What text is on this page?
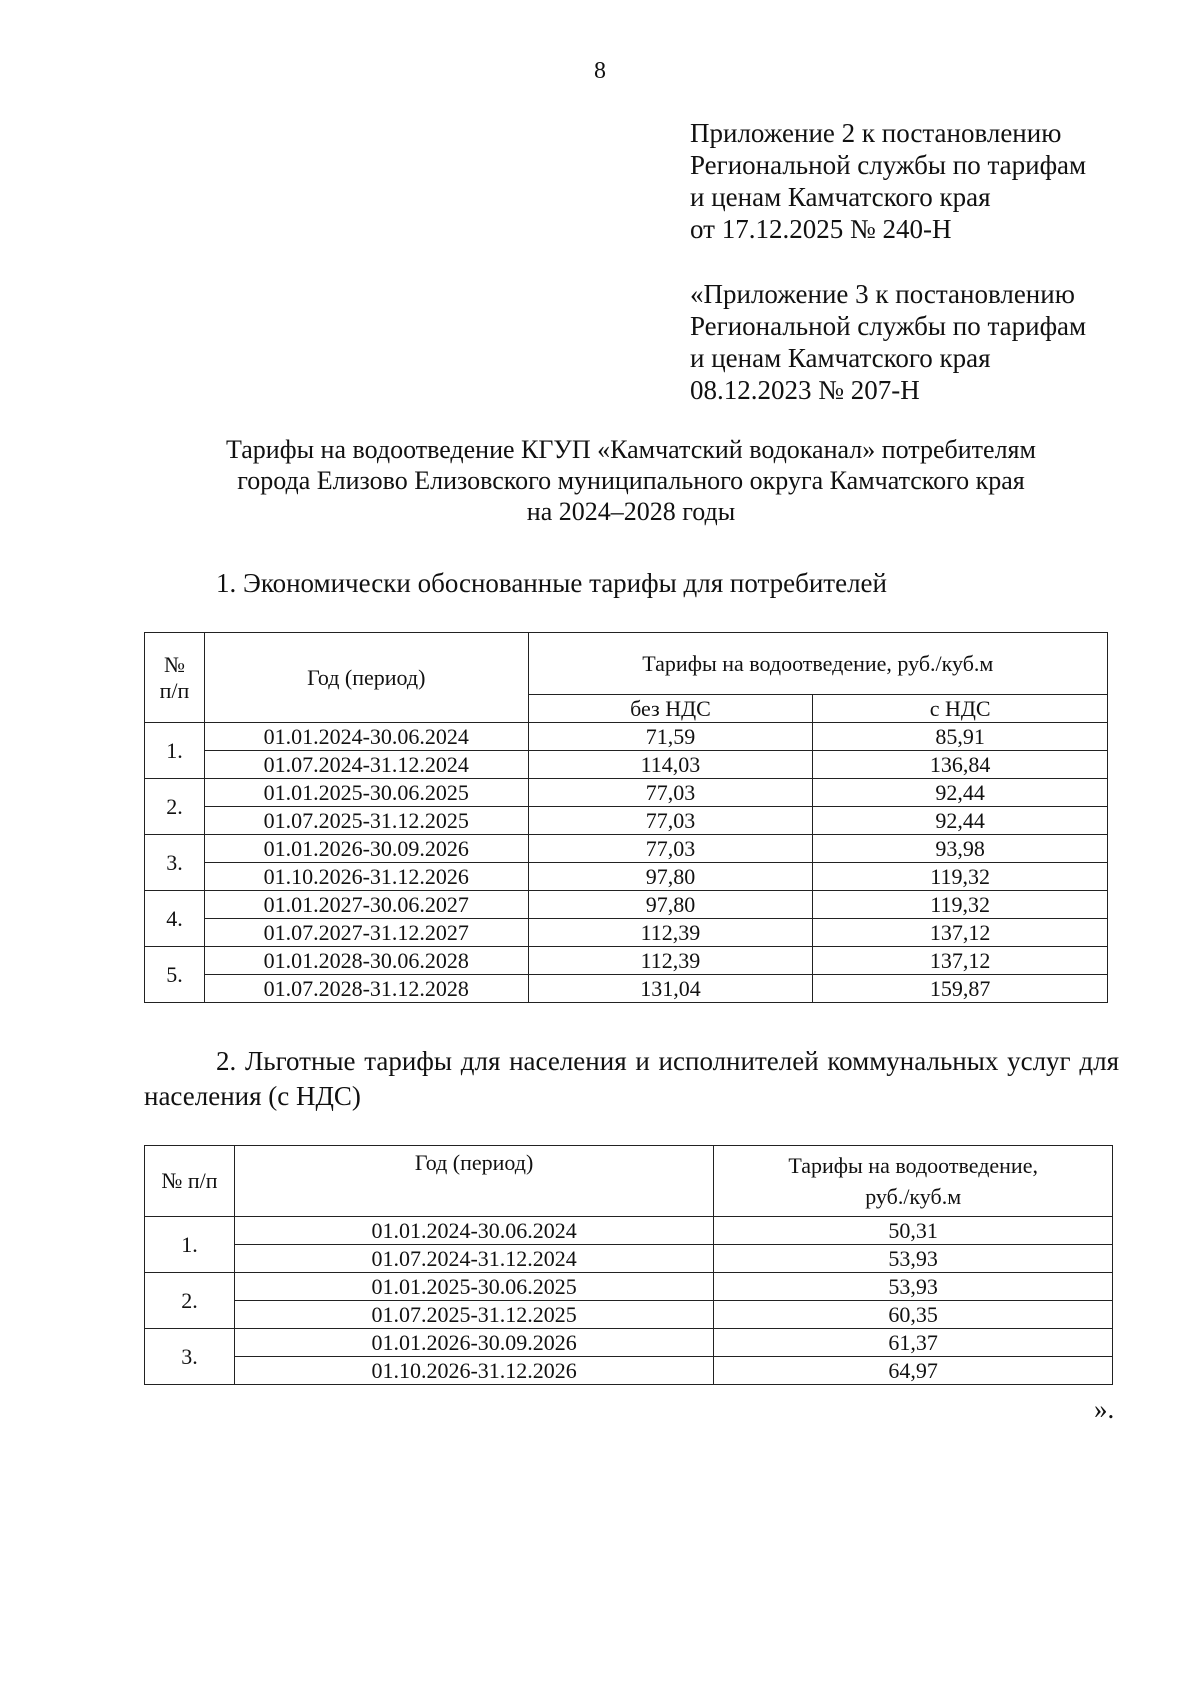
8
Приложение 2 к постановлению
Региональной службы по тарифам
и ценам Камчатского края
от 17.12.2025 № 240-Н
«Приложение 3 к постановлению
Региональной службы по тарифам
и ценам Камчатского края
08.12.2023 № 207-Н
Тарифы на водоотведение КГУП «Камчатский водоканал» потребителям
города Елизово Елизовского муниципального округа Камчатского края
на 2024–2028 годы
1. Экономически обоснованные тарифы для потребителей
№
п/п	Год (период)	Тарифы на водоотведение, руб./куб.м	
		без НДС	с НДС
1.	01.01.2024-30.06.2024	71,59	85,91
	01.07.2024-31.12.2024	114,03	136,84
2.	01.01.2025-30.06.2025	77,03	92,44
	01.07.2025-31.12.2025	77,03	92,44
3.	01.01.2026-30.09.2026	77,03	93,98
	01.10.2026-31.12.2026	97,80	119,32
4.	01.01.2027-30.06.2027	97,80	119,32
	01.07.2027-31.12.2027	112,39	137,12
5.	01.01.2028-30.06.2028	112,39	137,12
	01.07.2028-31.12.2028	131,04	159,87
2. Льготные тарифы для населения и исполнителей коммунальных услуг для населения (с НДС)
№ п/п	Год (период)	Тарифы на водоотведение,
руб./куб.м
1.	01.01.2024-30.06.2024	50,31
	01.07.2024-31.12.2024	53,93
2.	01.01.2025-30.06.2025	53,93
	01.07.2025-31.12.2025	60,35
3.	01.01.2026-30.09.2026	61,37
	01.10.2026-31.12.2026	64,97
».
